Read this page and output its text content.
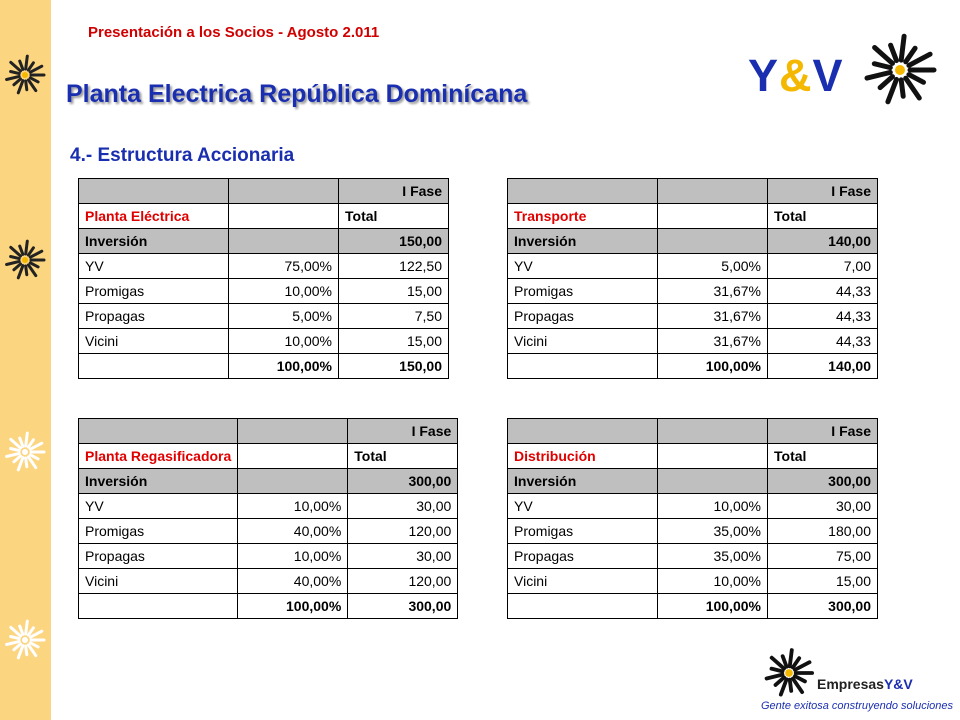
Presentación a los Socios - Agosto 2.011
Planta Electrica República Dominícana
4.- Estructura Accionaria
Y&V
		I Fase
Planta Eléctrica		Total
Inversión		150,00
YV	75,00%	122,50
Promigas	10,00%	15,00
Propagas	5,00%	7,50
Vicini	10,00%	15,00
	100,00%	150,00
		I Fase
Transporte		Total
Inversión		140,00
YV	5,00%	7,00
Promigas	31,67%	44,33
Propagas	31,67%	44,33
Vicini	31,67%	44,33
	100,00%	140,00
		I Fase
Planta Regasificadora		Total
Inversión		300,00
YV	10,00%	30,00
Promigas	40,00%	120,00
Propagas	10,00%	30,00
Vicini	40,00%	120,00
	100,00%	300,00
		I Fase
Distribución		Total
Inversión		300,00
YV	10,00%	30,00
Promigas	35,00%	180,00
Propagas	35,00%	75,00
Vicini	10,00%	15,00
	100,00%	300,00
EmpresasY&V
Gente exitosa construyendo soluciones
